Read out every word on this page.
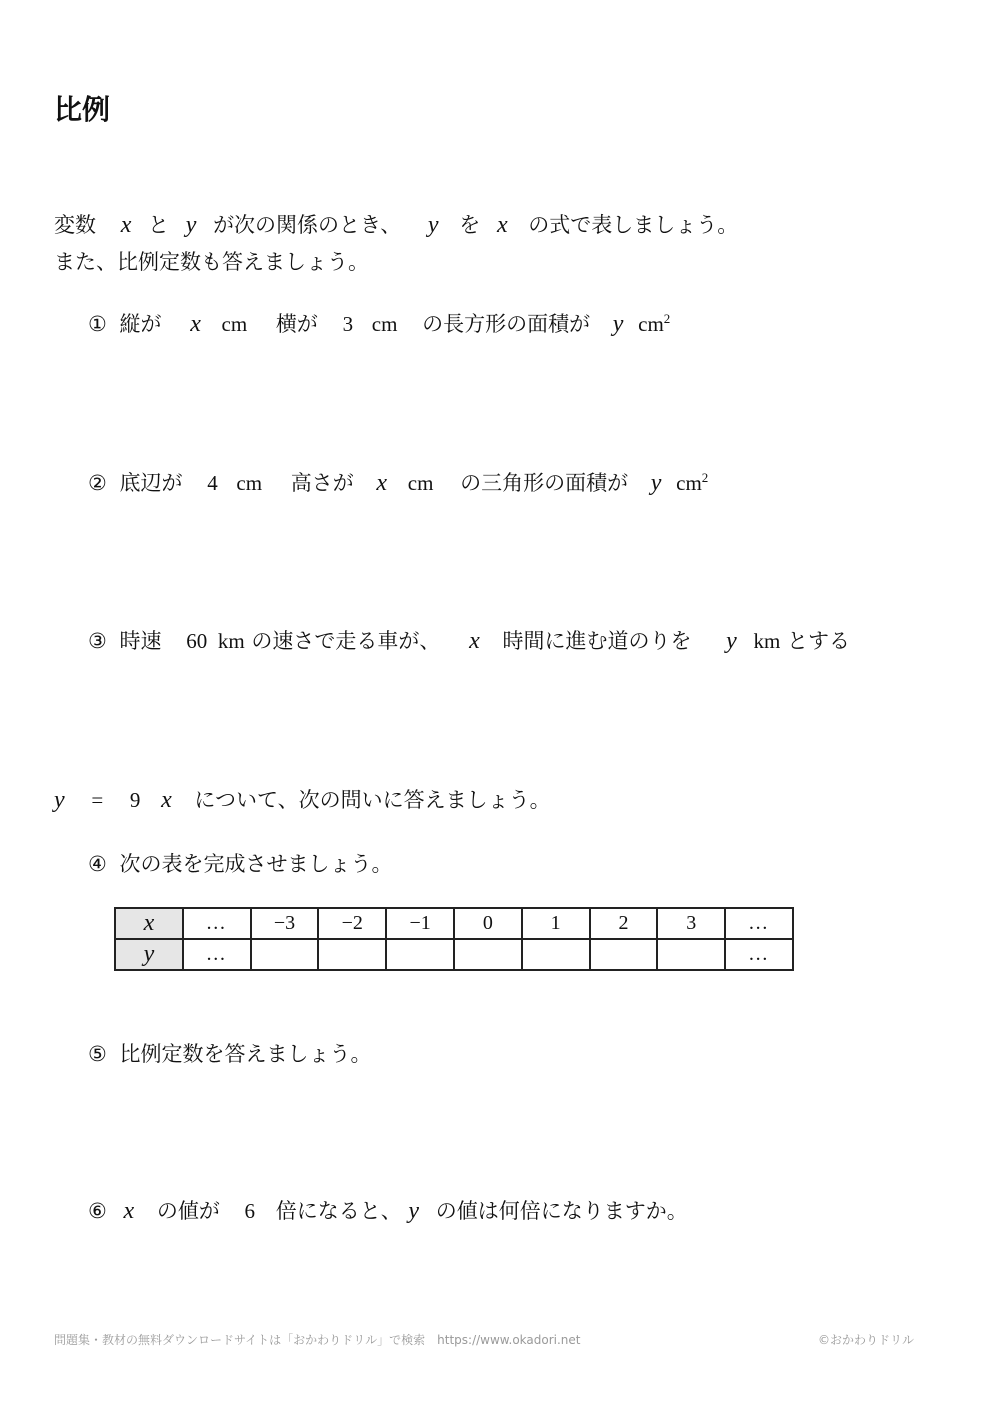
比例
変数 x と y が次の関係のとき、 y を x の式で表しましょう。
また、比例定数も答えましょう。
① 縦が x cm 横が 3 cm の長方形の面積が y $cm^2$
② 底辺が 4 cm 高さが x cm の三角形の面積が y $cm^2$
③ 時速 60 km の速さで走る車が、 x 時間に進む道のりを y km とする
y = 9 x について、次の問いに答えましょう。
④ 次の表を完成させましょう。
x	…	−3	−2	−1	0	1	2	3	…
y	…								…
⑤ 比例定数を答えましょう。
⑥ x の値が 6 倍になると、 y の値は何倍になりますか。
問題集・教材の無料ダウンロードサイトは「おかわりドリル」で検索　https://www.okadori.net	©おかわりドリル
